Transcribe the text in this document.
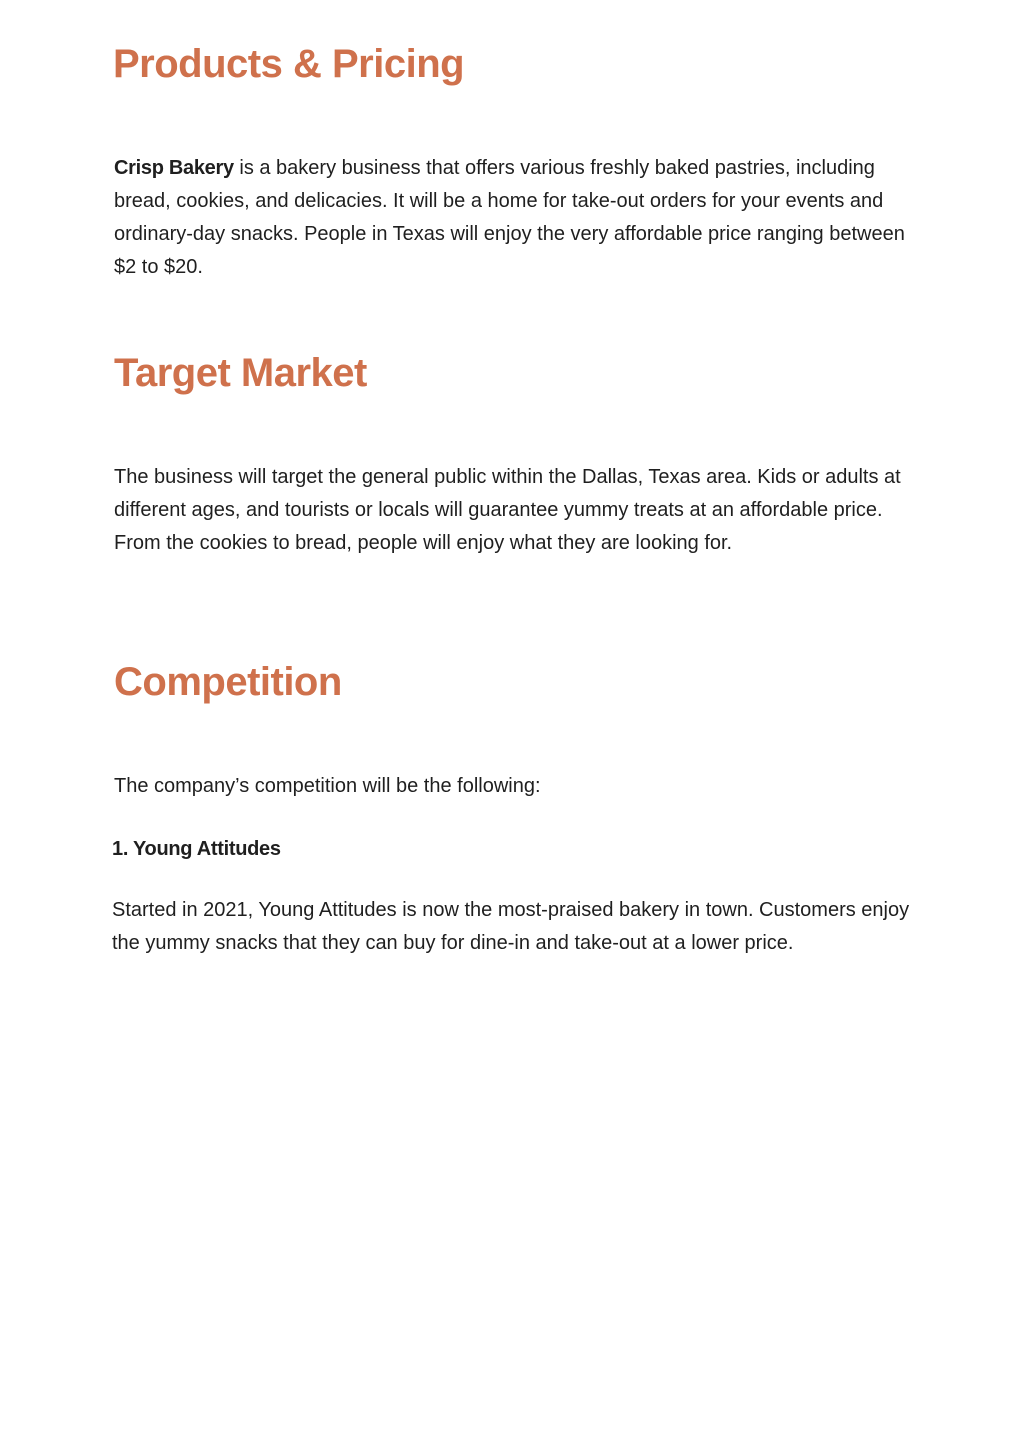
Products & Pricing

Crisp Bakery is a bakery business that offers various freshly baked pastries, including bread, cookies, and delicacies. It will be a home for take-out orders for your events and ordinary-day snacks. People in Texas will enjoy the very affordable price ranging between $2 to $20.

Target Market

The business will target the general public within the Dallas, Texas area. Kids or adults at different ages, and tourists or locals will guarantee yummy treats at an affordable price. From the cookies to bread, people will enjoy what they are looking for.

Competition

The company’s competition will be the following:

1. Young Attitudes

Started in 2021, Young Attitudes is now the most-praised bakery in town. Customers enjoy the yummy snacks that they can buy for dine-in and take-out at a lower price.
